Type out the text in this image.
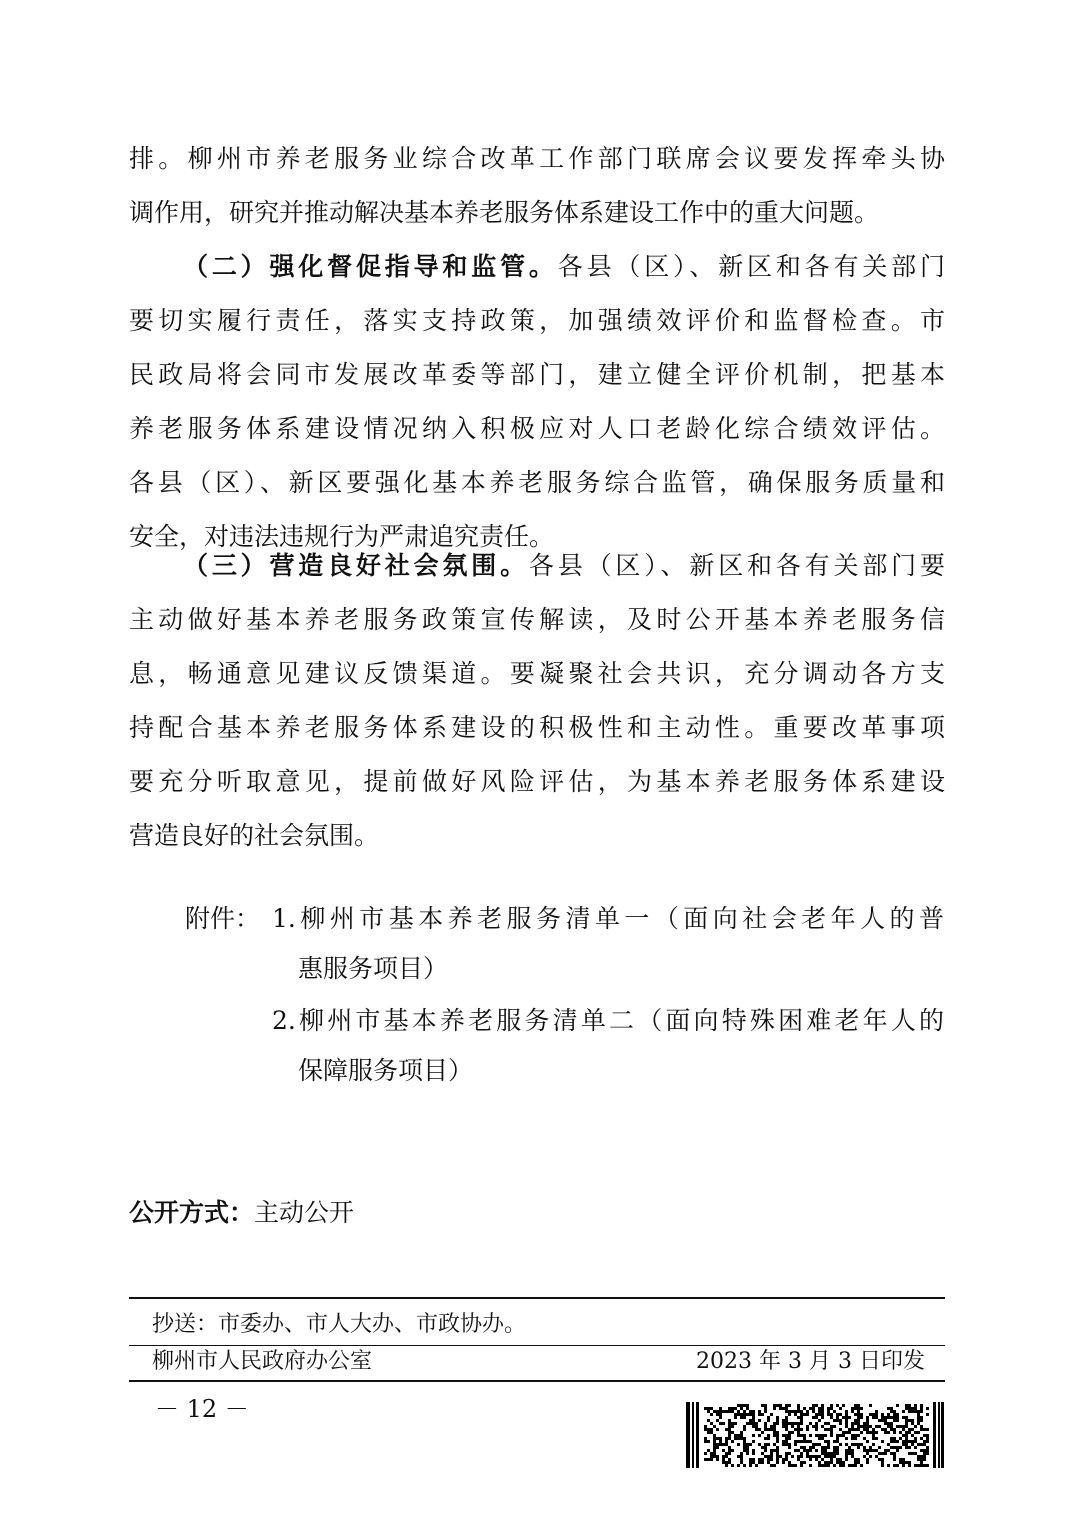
排。柳州市养老服务业综合改革工作部门联席会议要发挥牵头协
调作用，研究并推动解决基本养老服务体系建设工作中的重大问题。
（二）强化督促指导和监管。各县（区）、新区和各有关部门
要切实履行责任，落实支持政策，加强绩效评价和监督检查。市
民政局将会同市发展改革委等部门，建立健全评价机制，把基本
养老服务体系建设情况纳入积极应对人口老龄化综合绩效评估。
各县（区）、新区要强化基本养老服务综合监管，确保服务质量和
安全，对违法违规行为严肃追究责任。
（三）营造良好社会氛围。各县（区）、新区和各有关部门要
主动做好基本养老服务政策宣传解读，及时公开基本养老服务信
息，畅通意见建议反馈渠道。要凝聚社会共识，充分调动各方支
持配合基本养老服务体系建设的积极性和主动性。重要改革事项
要充分听取意见，提前做好风险评估，为基本养老服务体系建设
营造良好的社会氛围。
附件： 1.柳州市基本养老服务清单一（面向社会老年人的普
惠服务项目）
2.柳州市基本养老服务清单二（面向特殊困难老年人的
保障服务项目）
公开方式：主动公开
抄送：市委办、市人大办、市政协办。
柳州市人民政府办公室	2023 年 3 月 3 日印发
－ 12 －
